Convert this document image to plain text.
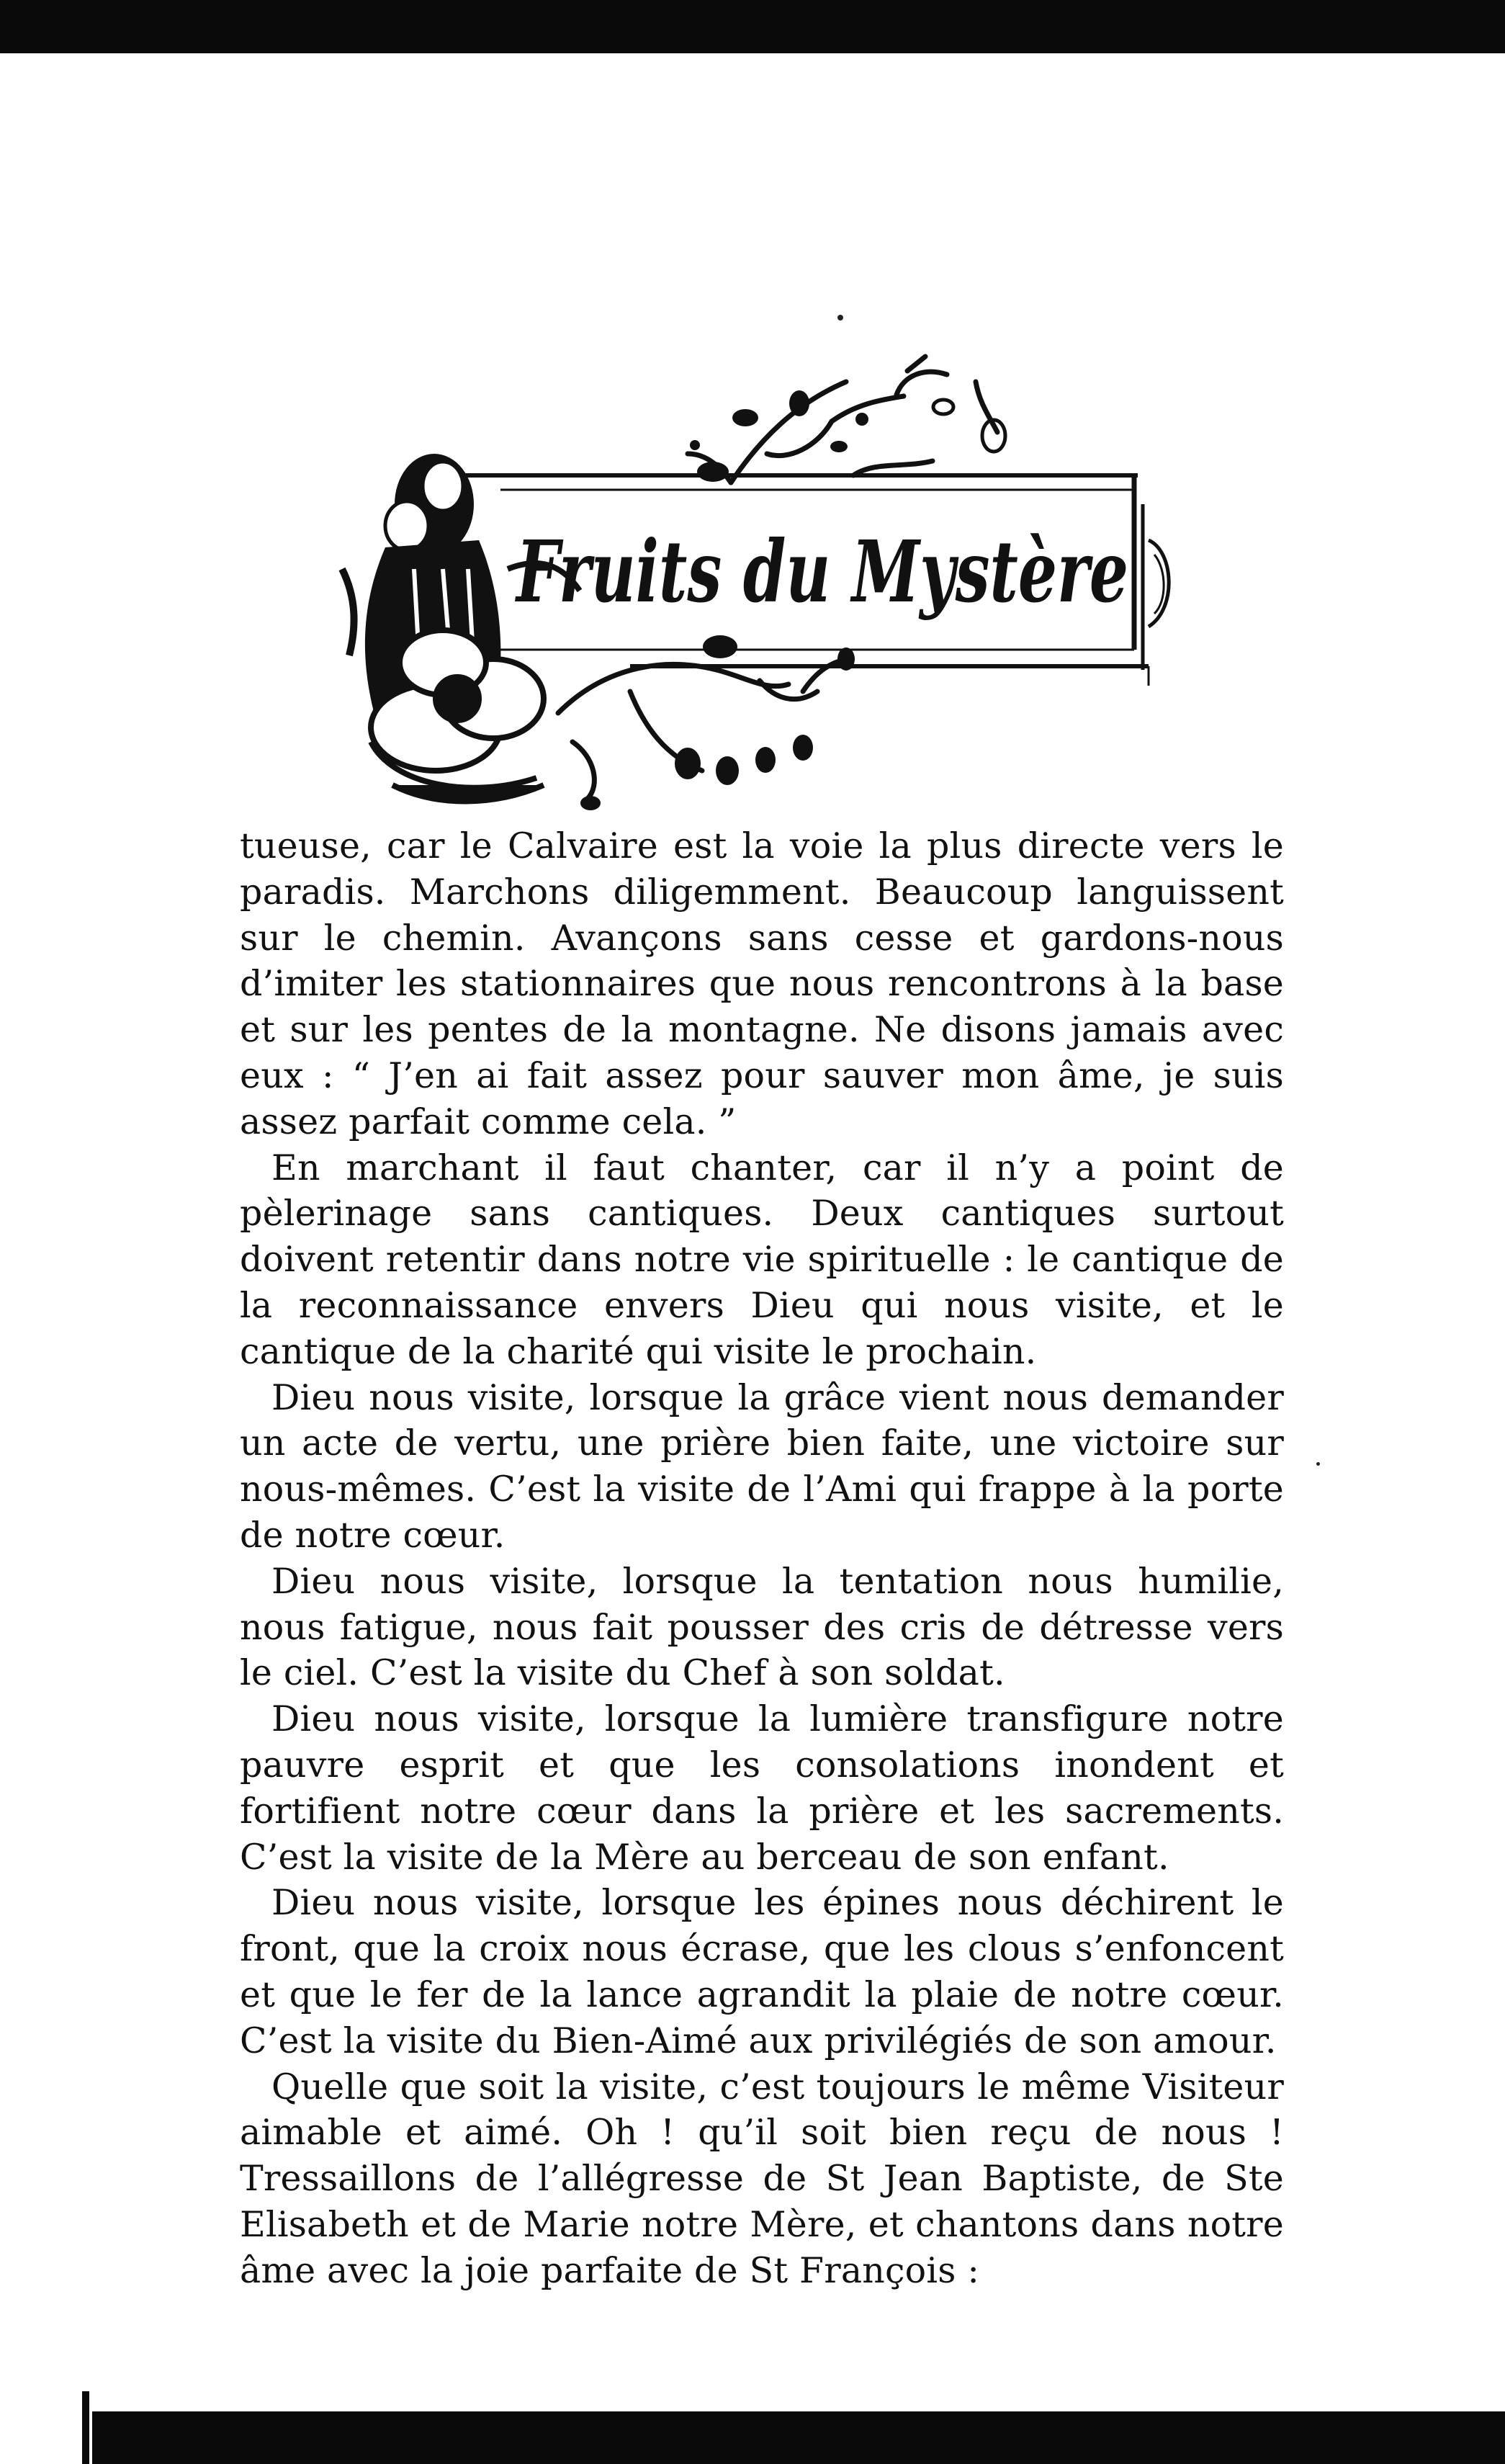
Fruits du Mystère

tueuse, car le Calvaire est la voie la plus directe vers le paradis. Marchons diligemment. Beaucoup languissent sur le chemin. Avançons sans cesse et gardons-nous d’imiter les stationnaires que nous rencontrons à la base et sur les pentes de la montagne. Ne disons jamais avec eux : “ J’en ai fait assez pour sauver mon âme, je suis assez parfait comme cela. ”

En marchant il faut chanter, car il n’y a point de pèlerinage sans cantiques. Deux cantiques surtout doivent retentir dans notre vie spirituelle : le cantique de la reconnaissance envers Dieu qui nous visite, et le cantique de la charité qui visite le prochain.

Dieu nous visite, lorsque la grâce vient nous demander un acte de vertu, une prière bien faite, une victoire sur nous-mêmes. C’est la visite de l’Ami qui frappe à la porte de notre cœur.

Dieu nous visite, lorsque la tentation nous humilie, nous fatigue, nous fait pousser des cris de détresse vers le ciel. C’est la visite du Chef à son soldat.

Dieu nous visite, lorsque la lumière transfigure notre pauvre esprit et que les consolations inondent et fortifient notre cœur dans la prière et les sacrements. C’est la visite de la Mère au berceau de son enfant.

Dieu nous visite, lorsque les épines nous déchirent le front, que la croix nous écrase, que les clous s’enfoncent et que le fer de la lance agrandit la plaie de notre cœur. C’est la visite du Bien-Aimé aux privilégiés de son amour.

Quelle que soit la visite, c’est toujours le même Visiteur aimable et aimé. Oh ! qu’il soit bien reçu de nous ! Tressaillons de l’allégresse de St Jean Baptiste, de Ste Elisabeth et de Marie notre Mère, et chantons dans notre âme avec la joie parfaite de St François :
